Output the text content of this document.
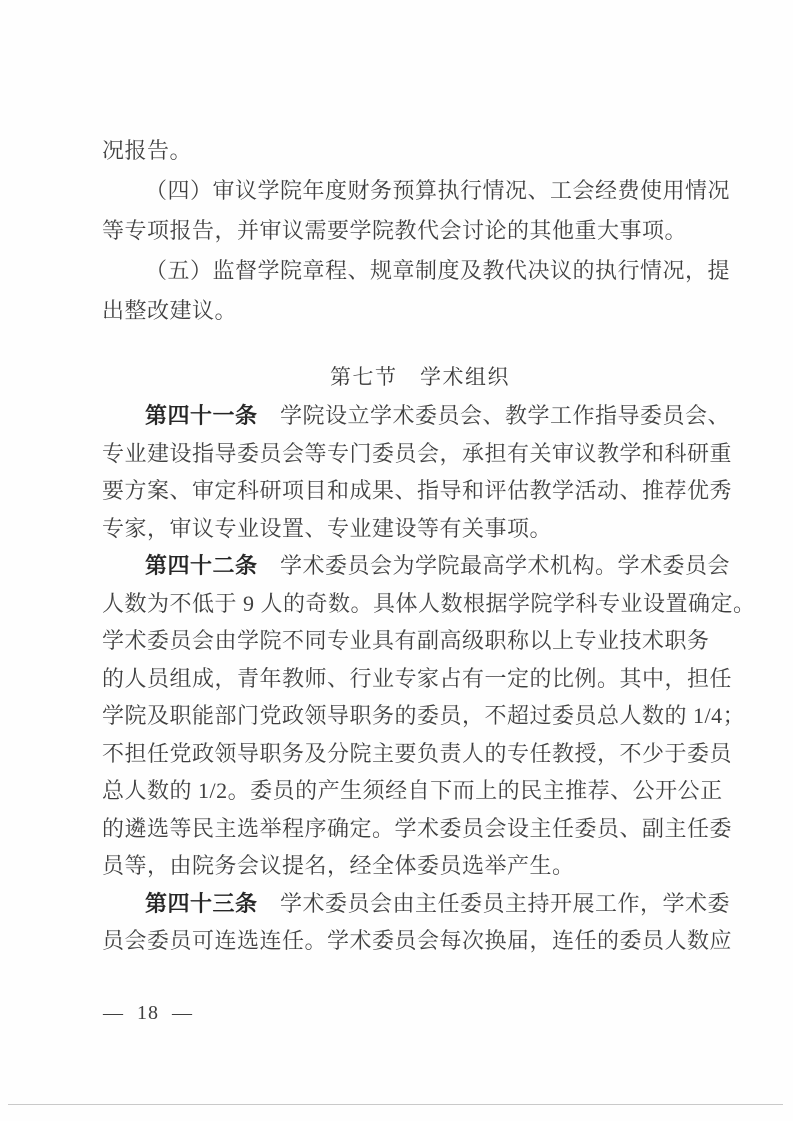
况报告。
（四）审议学院年度财务预算执行情况、工会经费使用情况
等专项报告，并审议需要学院教代会讨论的其他重大事项。
（五）监督学院章程、规章制度及教代决议的执行情况，提
出整改建议。
第七节　学术组织
第四十一条　学院设立学术委员会、教学工作指导委员会、
专业建设指导委员会等专门委员会，承担有关审议教学和科研重
要方案、审定科研项目和成果、指导和评估教学活动、推荐优秀
专家，审议专业设置、专业建设等有关事项。
第四十二条　学术委员会为学院最高学术机构。学术委员会
人数为不低于 9 人的奇数。具体人数根据学院学科专业设置确定。
学术委员会由学院不同专业具有副高级职称以上专业技术职务
的人员组成，青年教师、行业专家占有一定的比例。其中，担任
学院及职能部门党政领导职务的委员，不超过委员总人数的 1/4；
不担任党政领导职务及分院主要负责人的专任教授，不少于委员
总人数的 1/2。委员的产生须经自下而上的民主推荐、公开公正
的遴选等民主选举程序确定。学术委员会设主任委员、副主任委
员等，由院务会议提名，经全体委员选举产生。
第四十三条　学术委员会由主任委员主持开展工作，学术委
员会委员可连选连任。学术委员会每次换届，连任的委员人数应
— 18 —
